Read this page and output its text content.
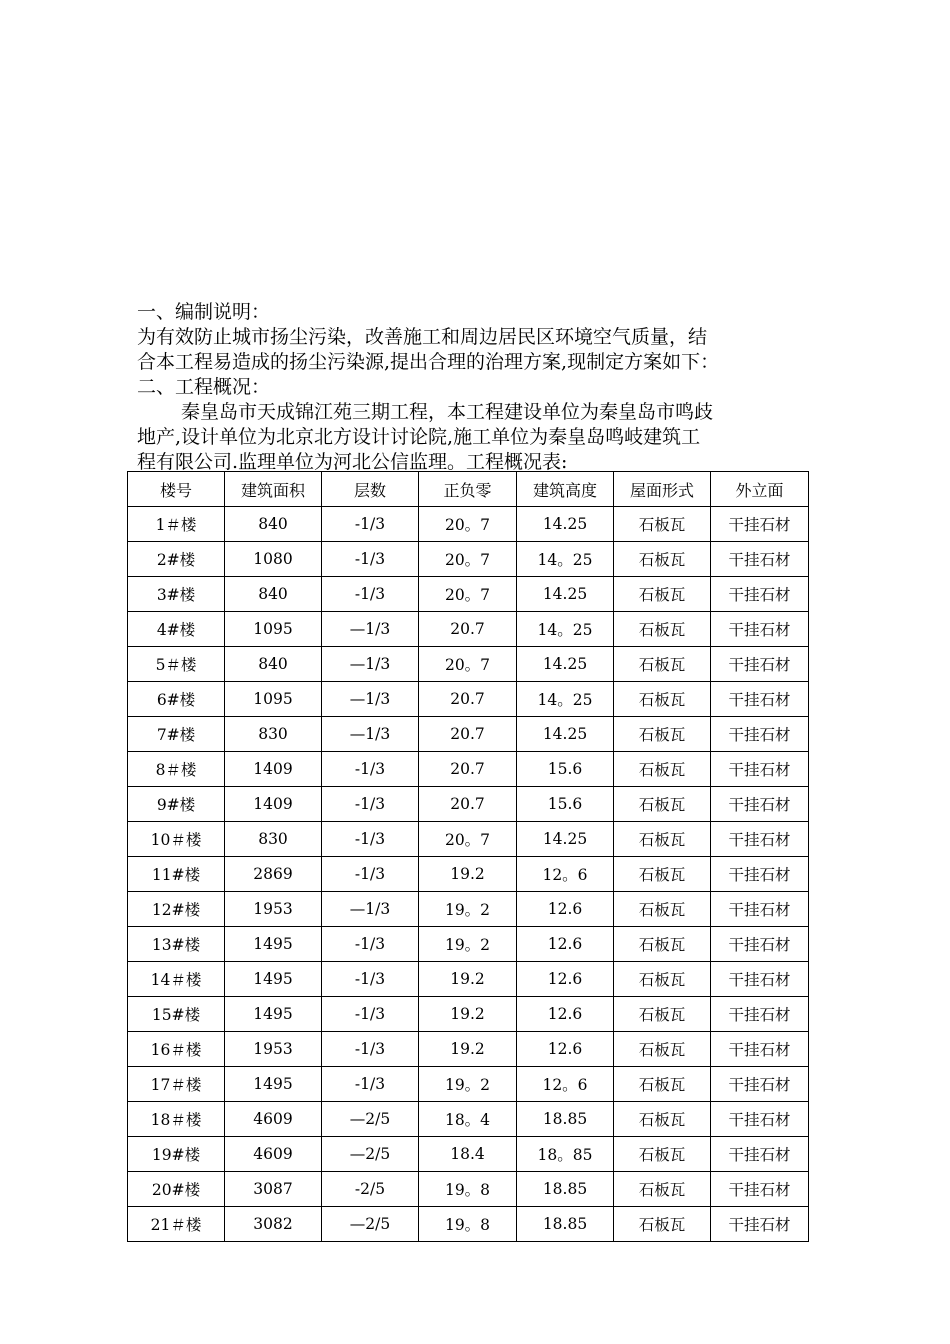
一、编制说明：
为有效防止城市扬尘污染，改善施工和周边居民区环境空气质量，结
合本工程易造成的扬尘污染源,提出合理的治理方案,现制定方案如下：
二、工程概况：
秦皇岛市天成锦江苑三期工程，本工程建设单位为秦皇岛市鸣歧
地产,设计单位为北京北方设计讨论院,施工单位为秦皇岛鸣岐建筑工
程有限公司.监理单位为河北公信监理。工程概况表:
楼号	建筑面积	层数	正负零	建筑高度	屋面形式	外立面
1＃楼	840	-1/3	20。7	14.25	石板瓦	干挂石材
2#楼	1080	-1/3	20。7	14。25	石板瓦	干挂石材
3#楼	840	-1/3	20。7	14.25	石板瓦	干挂石材
4#楼	1095	—1/3	20.7	14。25	石板瓦	干挂石材
5＃楼	840	—1/3	20。7	14.25	石板瓦	干挂石材
6#楼	1095	—1/3	20.7	14。25	石板瓦	干挂石材
7#楼	830	—1/3	20.7	14.25	石板瓦	干挂石材
8＃楼	1409	-1/3	20.7	15.6	石板瓦	干挂石材
9#楼	1409	-1/3	20.7	15.6	石板瓦	干挂石材
10＃楼	830	-1/3	20。7	14.25	石板瓦	干挂石材
11#楼	2869	-1/3	19.2	12。6	石板瓦	干挂石材
12#楼	1953	—1/3	19。2	12.6	石板瓦	干挂石材
13#楼	1495	-1/3	19。2	12.6	石板瓦	干挂石材
14＃楼	1495	-1/3	19.2	12.6	石板瓦	干挂石材
15#楼	1495	-1/3	19.2	12.6	石板瓦	干挂石材
16＃楼	1953	-1/3	19.2	12.6	石板瓦	干挂石材
17＃楼	1495	-1/3	19。2	12。6	石板瓦	干挂石材
18＃楼	4609	—2/5	18。4	18.85	石板瓦	干挂石材
19#楼	4609	—2/5	18.4	18。85	石板瓦	干挂石材
20#楼	3087	-2/5	19。8	18.85	石板瓦	干挂石材
21＃楼	3082	—2/5	19。8	18.85	石板瓦	干挂石材
